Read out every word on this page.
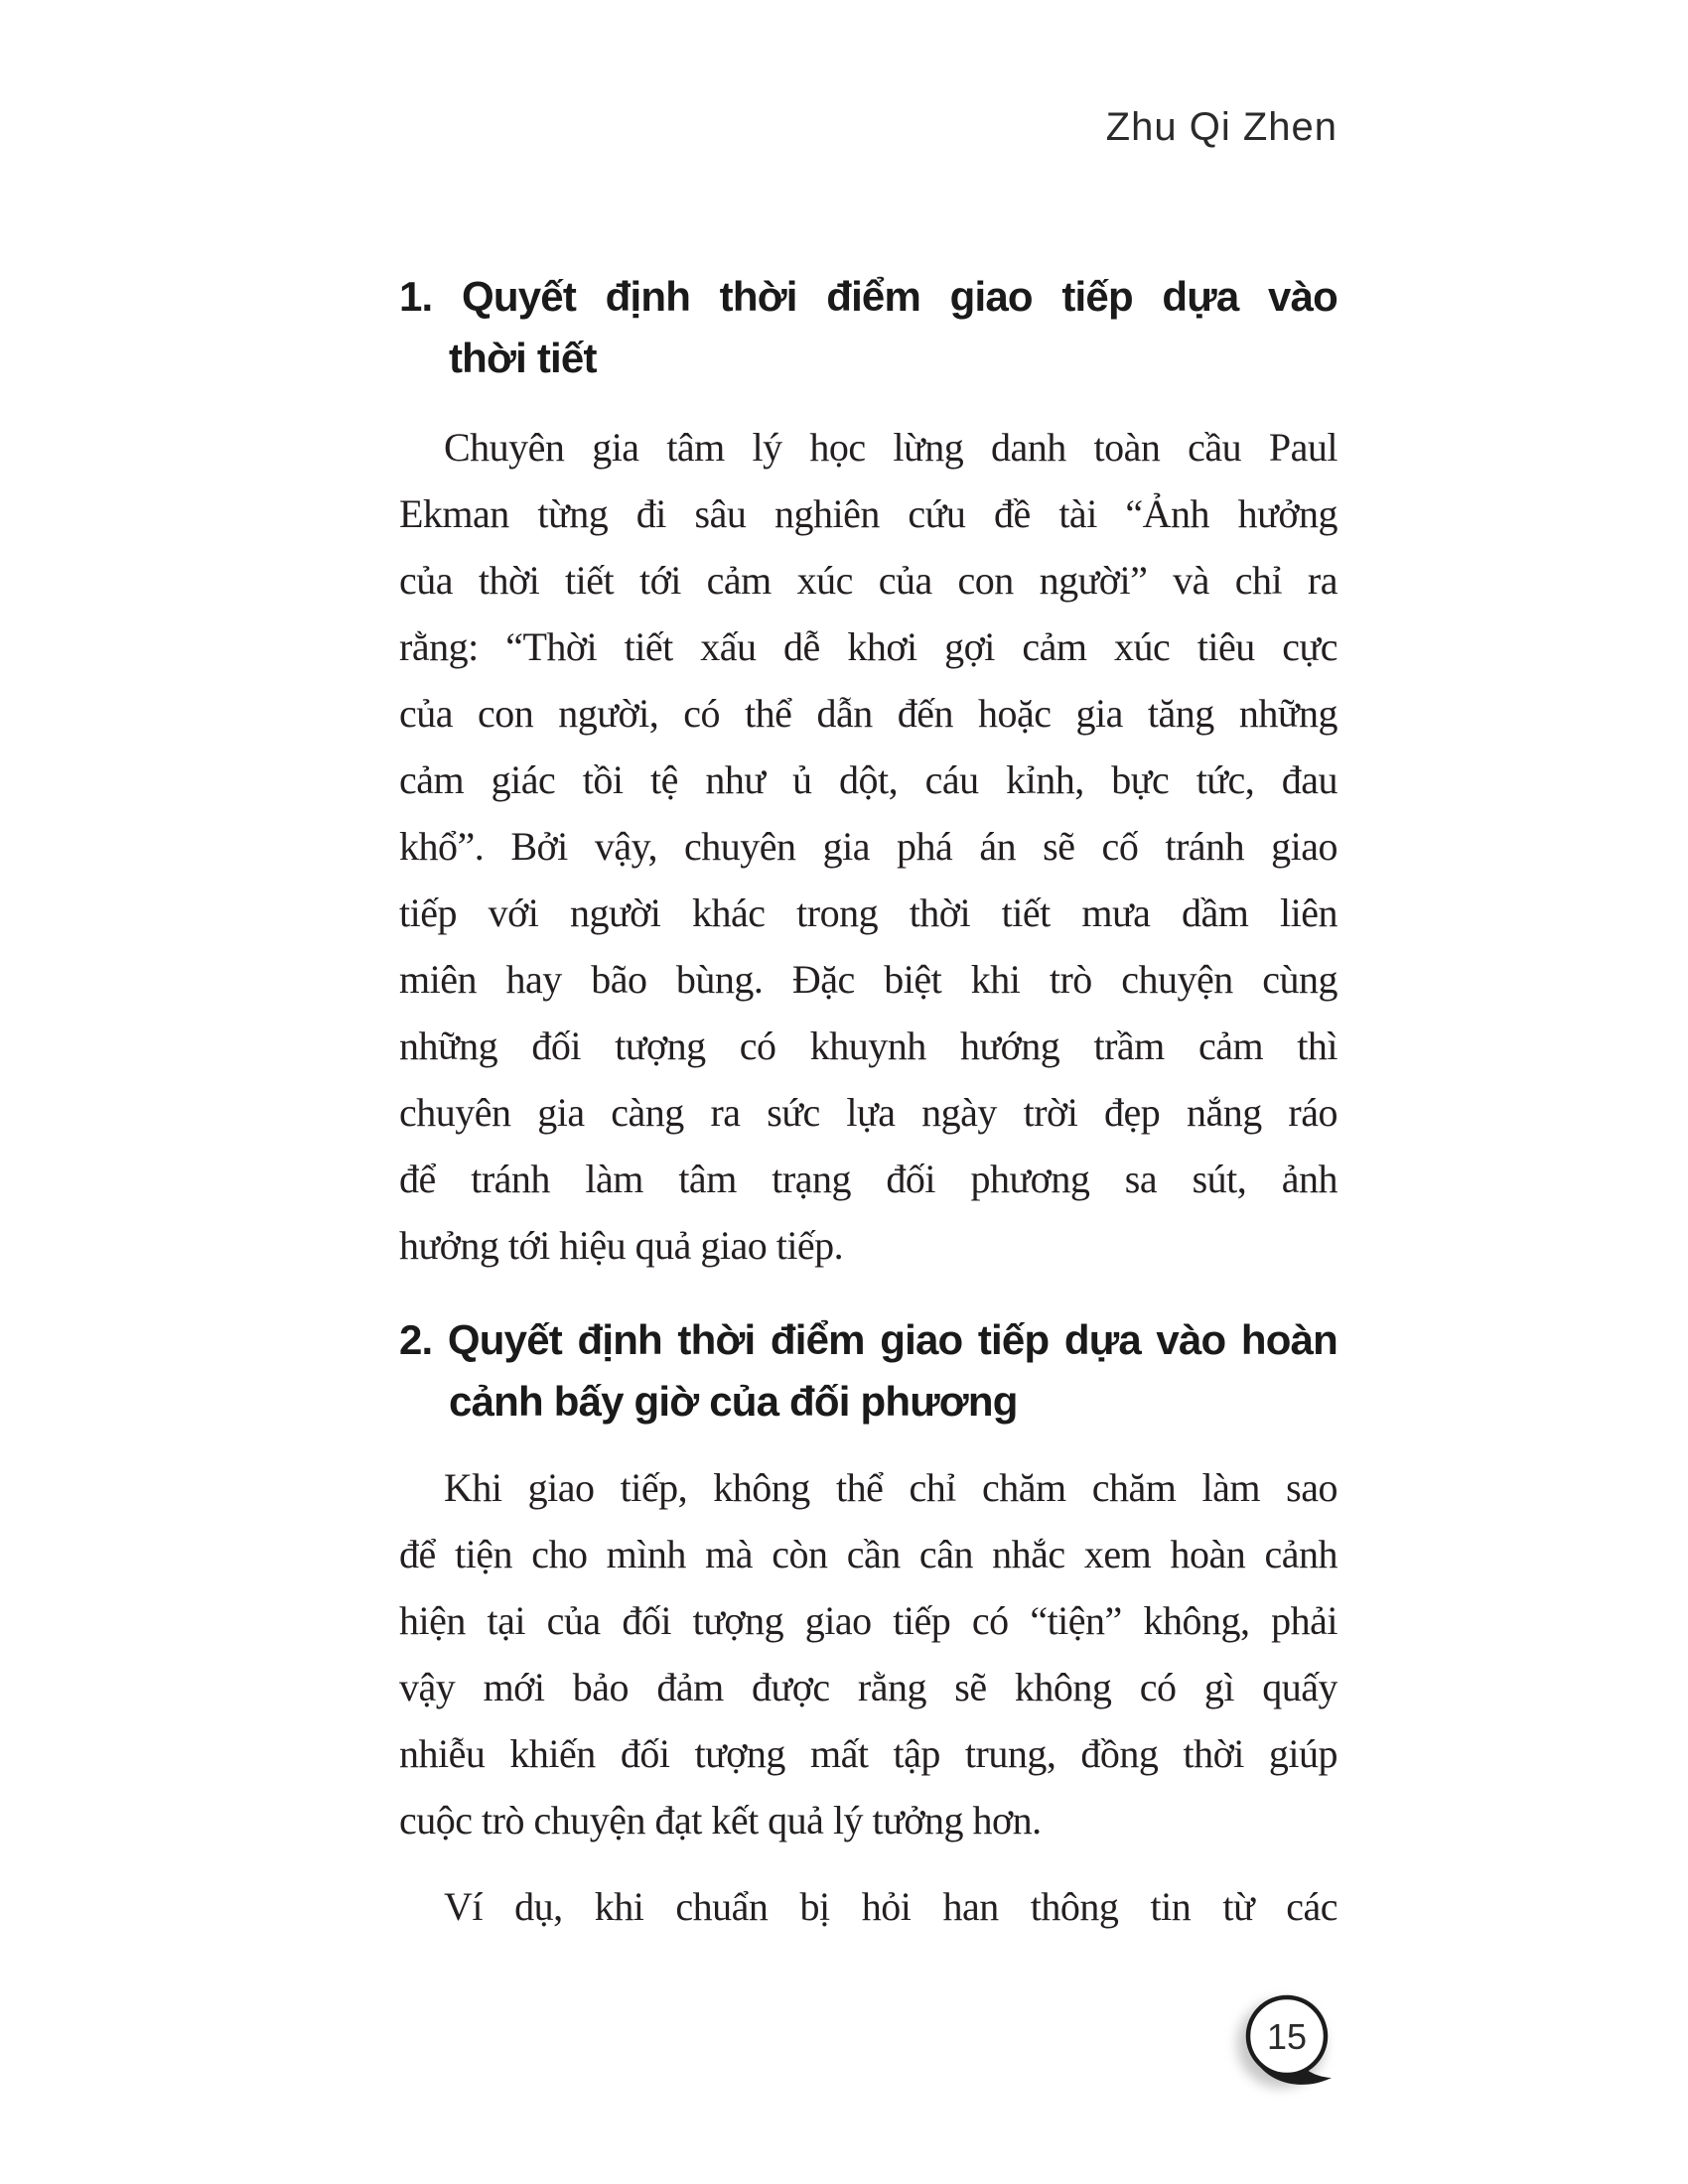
Zhu Qi Zhen
1. Quyết định thời điểm giao tiếp dựa vào
thời tiết
Chuyên gia tâm lý học lừng danh toàn cầu Paul
Ekman từng đi sâu nghiên cứu đề tài “Ảnh hưởng
của thời tiết tới cảm xúc của con người” và chỉ ra
rằng: “Thời tiết xấu dễ khơi gợi cảm xúc tiêu cực
của con người, có thể dẫn đến hoặc gia tăng những
cảm giác tồi tệ như ủ dột, cáu kỉnh, bực tức, đau
khổ”. Bởi vậy, chuyên gia phá án sẽ cố tránh giao
tiếp với người khác trong thời tiết mưa dầm liên
miên hay bão bùng. Đặc biệt khi trò chuyện cùng
những đối tượng có khuynh hướng trầm cảm thì
chuyên gia càng ra sức lựa ngày trời đẹp nắng ráo
để tránh làm tâm trạng đối phương sa sút, ảnh
hưởng tới hiệu quả giao tiếp.
2. Quyết định thời điểm giao tiếp dựa vào hoàn
cảnh bấy giờ của đối phương
Khi giao tiếp, không thể chỉ chăm chăm làm sao
để tiện cho mình mà còn cần cân nhắc xem hoàn cảnh
hiện tại của đối tượng giao tiếp có “tiện” không, phải
vậy mới bảo đảm được rằng sẽ không có gì quấy
nhiễu khiến đối tượng mất tập trung, đồng thời giúp
cuộc trò chuyện đạt kết quả lý tưởng hơn.
Ví dụ, khi chuẩn bị hỏi han thông tin từ các
15
